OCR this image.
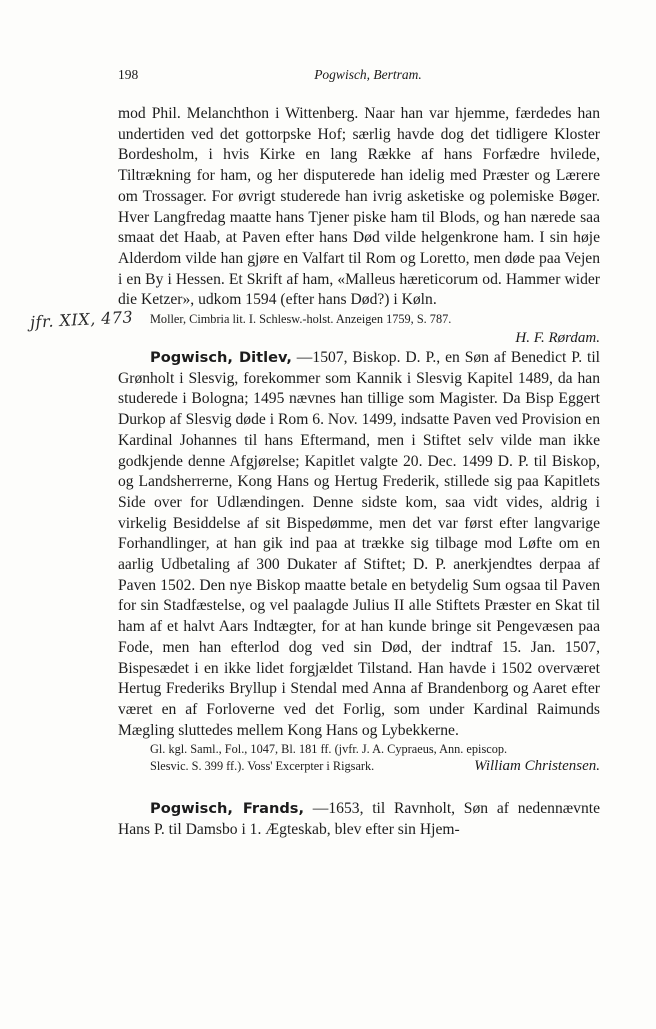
198	Pogwisch, Bertram.
jfr. XIX, 473

mod Phil. Melanchthon i Wittenberg. Naar han var hjemme, færdedes han undertiden ved det gottorpske Hof; særlig havde dog det tidligere Kloster Bordesholm, i hvis Kirke en lang Række af hans Forfædre hvilede, Tiltrækning for ham, og her disputerede han idelig med Præster og Lærere om Trossager. For øvrigt studerede han ivrig asketiske og polemiske Bøger. Hver Langfredag maatte hans Tjener piske ham til Blods, og han nærede saa smaat det Haab, at Paven efter hans Død vilde helgenkrone ham. I sin høje Alderdom vilde han gjøre en Valfart til Rom og Loretto, men døde paa Vejen i en By i Hessen. Et Skrift af ham, «Malleus hæreticorum od. Hammer wider die Ketzer», udkom 1594 (efter hans Død?) i Køln.

Moller, Cimbria lit. I. Schlesw.-holst. Anzeigen 1759, S. 787.

H. F. Rørdam.

Pogwisch, Ditlev, —1507, Biskop. D. P., en Søn af Benedict P. til Grønholt i Slesvig, forekommer som Kannik i Slesvig Kapitel 1489, da han studerede i Bologna; 1495 nævnes han tillige som Magister. Da Bisp Eggert Durkop af Slesvig døde i Rom 6. Nov. 1499, indsatte Paven ved Provision en Kardinal Johannes til hans Eftermand, men i Stiftet selv vilde man ikke godkjende denne Afgjørelse; Kapitlet valgte 20. Dec. 1499 D. P. til Biskop, og Landsherrerne, Kong Hans og Hertug Frederik, stillede sig paa Kapitlets Side over for Udlændingen. Denne sidste kom, saa vidt vides, aldrig i virkelig Besiddelse af sit Bispedømme, men det var først efter langvarige Forhandlinger, at han gik ind paa at trække sig tilbage mod Løfte om en aarlig Udbetaling af 300 Dukater af Stiftet; D. P. anerkjendtes derpaa af Paven 1502. Den nye Biskop maatte betale en betydelig Sum ogsaa til Paven for sin Stadfæstelse, og vel paalagde Julius II alle Stiftets Præster en Skat til ham af et halvt Aars Indtægter, for at han kunde bringe sit Pengevæsen paa Fode, men han efterlod dog ved sin Død, der indtraf 15. Jan. 1507, Bispesædet i en ikke lidet forgjældet Tilstand. Han havde i 1502 overværet Hertug Frederiks Bryllup i Stendal med Anna af Brandenborg og Aaret efter været en af Forloverne ved det Forlig, som under Kardinal Raimunds Mægling sluttedes mellem Kong Hans og Lybekkerne.

Gl. kgl. Saml., Fol., 1047, Bl. 181 ff. (jvfr. J. A. Cypraeus, Ann. episcop.

Slesvic. S. 399 ff.). Voss' Excerpter i Rigsark.	William Christensen.

Pogwisch, Frands, —1653, til Ravnholt, Søn af nedennævnte Hans P. til Damsbo i 1. Ægteskab, blev efter sin Hjem-
